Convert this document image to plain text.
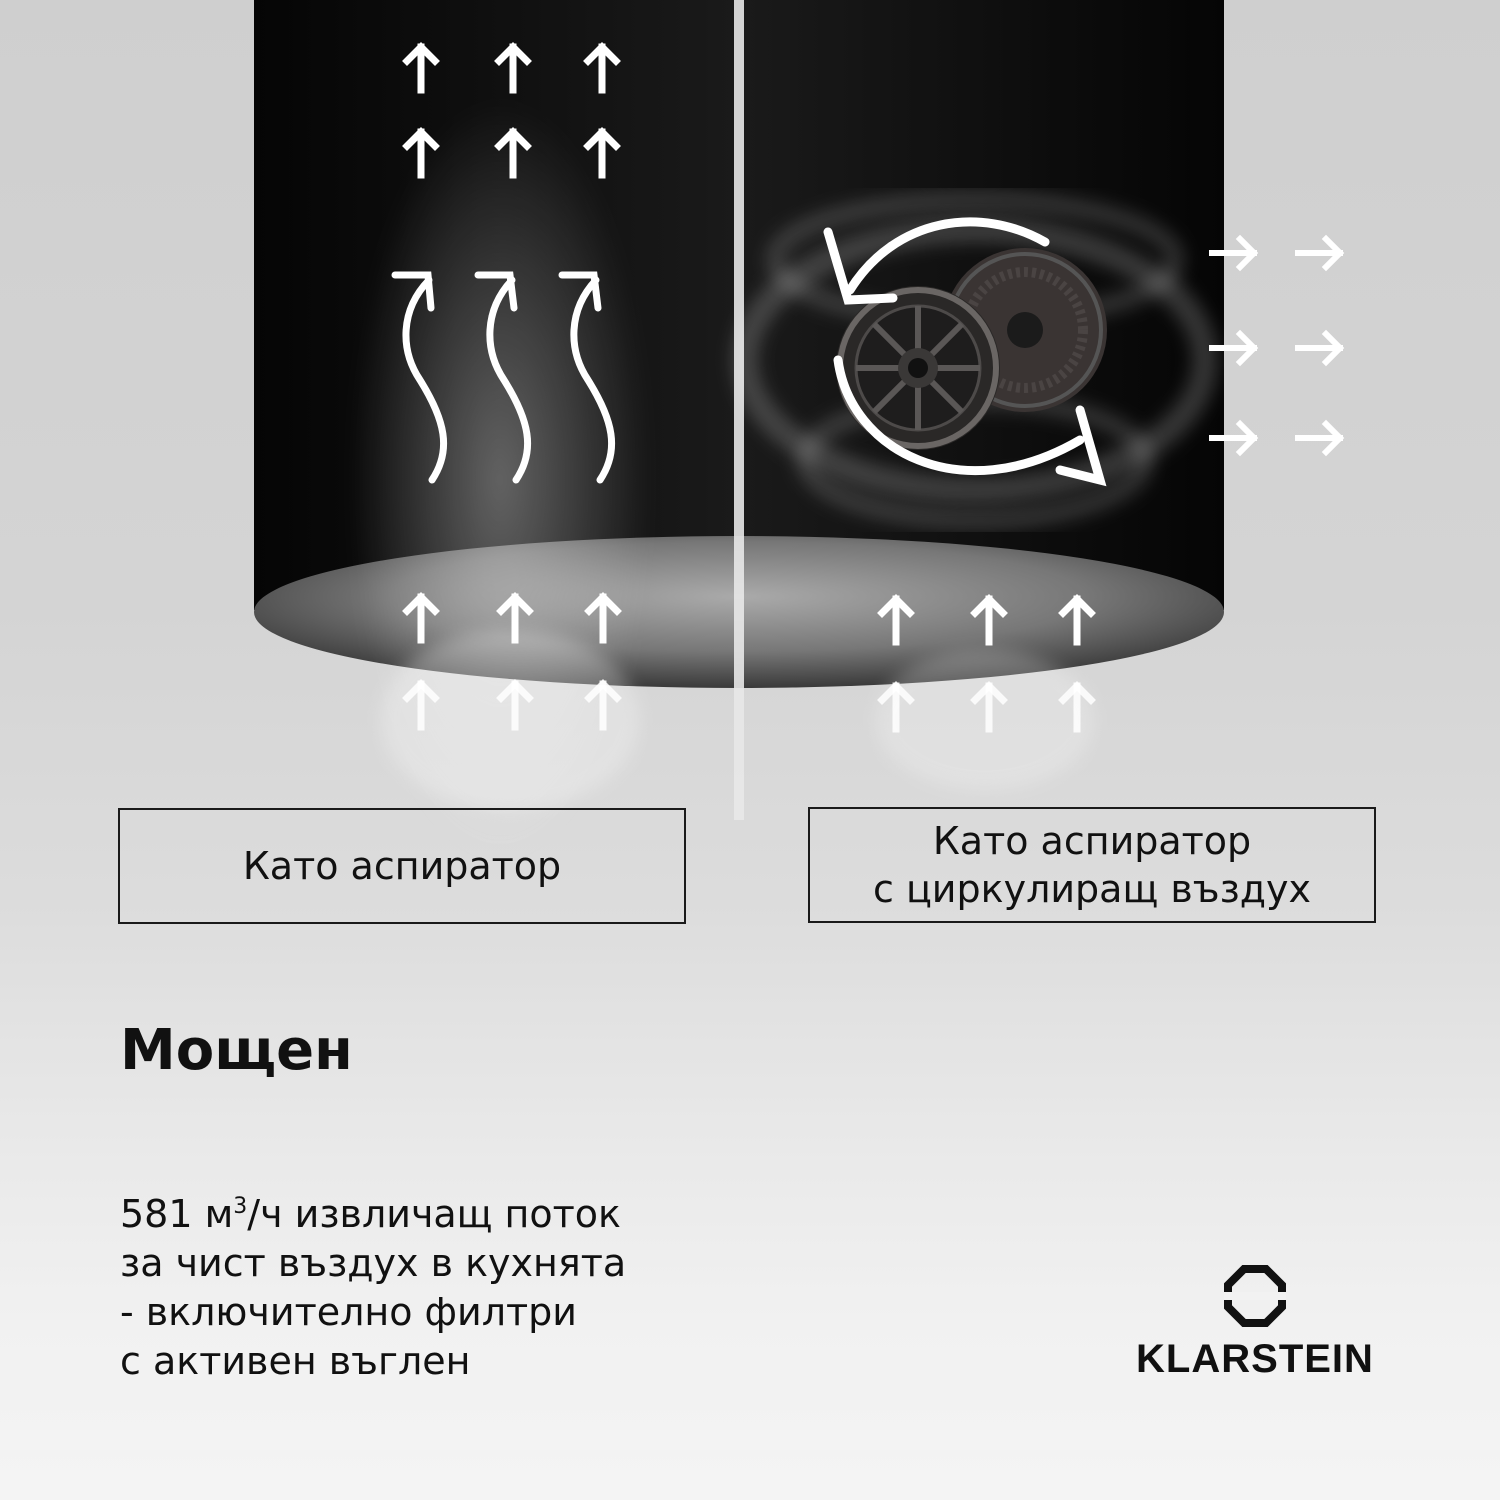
Като аспиратор
Като аспиратор
с циркулиращ въздух
Мощен
581 $м^3/ч$ извличащ поток
за чист въздух в кухнята
- включително филтри
с активен въглен	KLARSTEIN
